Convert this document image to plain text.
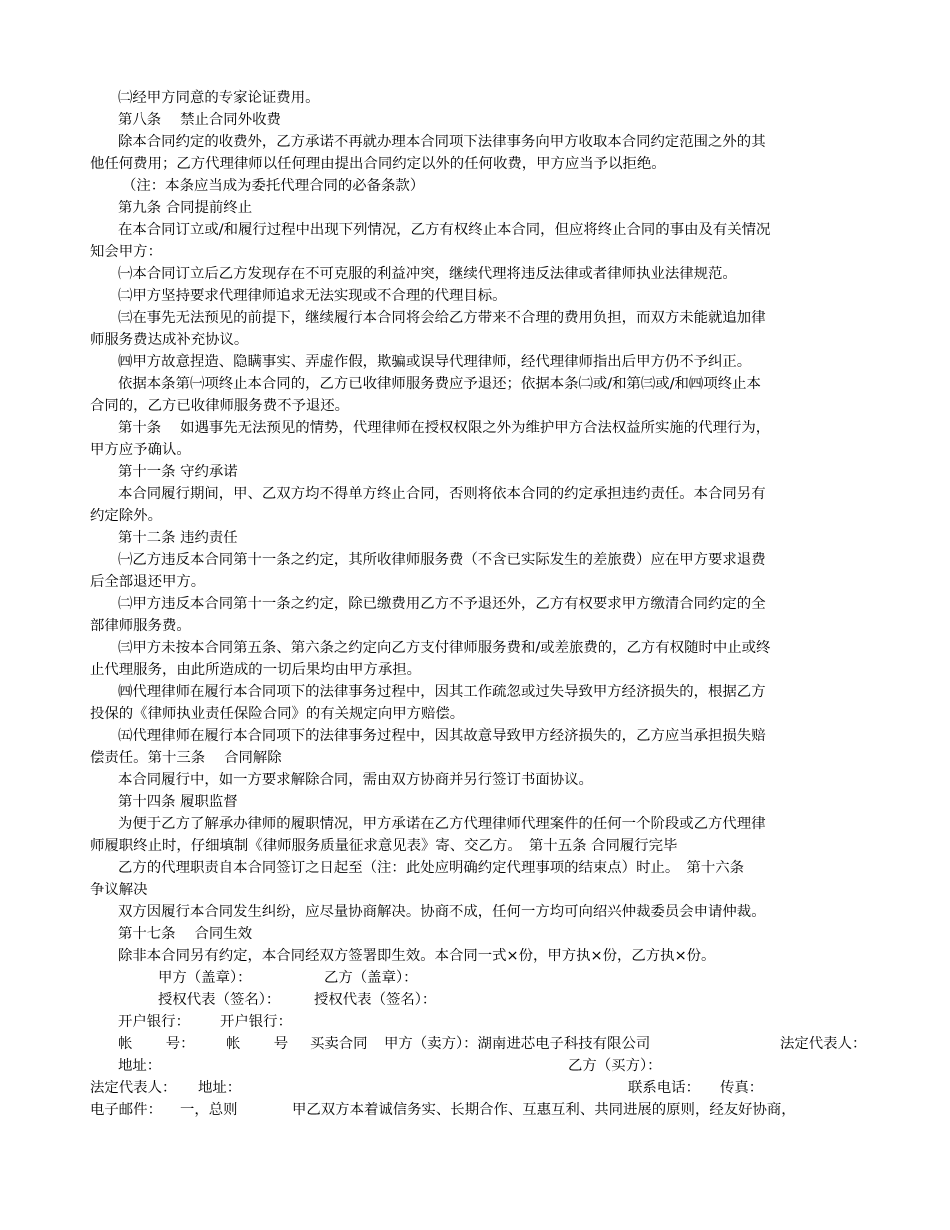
㈡经甲方同意的专家论证费用。
第八条　 禁止合同外收费
除本合同约定的收费外，乙方承诺不再就办理本合同项下法律事务向甲方收取本合同约定范围之外的其
他任何费用；乙方代理律师以任何理由提出合同约定以外的任何收费，甲方应当予以拒绝。
（注：本条应当成为委托代理合同的必备条款）
第九条 合同提前终止
在本合同订立或/和履行过程中出现下列情况，乙方有权终止本合同，但应将终止合同的事由及有关情况
知会甲方：
㈠本合同订立后乙方发现存在不可克服的利益冲突，继续代理将违反法律或者律师执业法律规范。
㈡甲方坚持要求代理律师追求无法实现或不合理的代理目标。
㈢在事先无法预见的前提下，继续履行本合同将会给乙方带来不合理的费用负担，而双方未能就追加律
师服务费达成补充协议。
㈣甲方故意捏造、隐瞒事实、弄虚作假，欺骗或误导代理律师，经代理律师指出后甲方仍不予纠正。
依据本条第㈠项终止本合同的，乙方已收律师服务费应予退还；依据本条㈡或/和第㈢或/和㈣项终止本
合同的，乙方已收律师服务费不予退还。
第十条　 如遇事先无法预见的情势，代理律师在授权权限之外为维护甲方合法权益所实施的代理行为，
甲方应予确认。
第十一条 守约承诺
本合同履行期间，甲、乙双方均不得单方终止合同，否则将依本合同的约定承担违约责任。本合同另有
约定除外。
第十二条 违约责任
㈠乙方违反本合同第十一条之约定，其所收律师服务费（不含已实际发生的差旅费）应在甲方要求退费
后全部退还甲方。
㈡甲方违反本合同第十一条之约定，除已缴费用乙方不予退还外，乙方有权要求甲方缴清合同约定的全
部律师服务费。
㈢甲方未按本合同第五条、第六条之约定向乙方支付律师服务费和/或差旅费的，乙方有权随时中止或终
止代理服务，由此所造成的一切后果均由甲方承担。
㈣代理律师在履行本合同项下的法律事务过程中，因其工作疏忽或过失导致甲方经济损失的，根据乙方
投保的《律师执业责任保险合同》的有关规定向甲方赔偿。
㈤代理律师在履行本合同项下的法律事务过程中，因其故意导致甲方经济损失的，乙方应当承担损失赔
偿责任。第十三条　 合同解除
本合同履行中，如一方要求解除合同，需由双方协商并另行签订书面协议。
第十四条 履职监督
为便于乙方了解承办律师的履职情况，甲方承诺在乙方代理律师代理案件的任何一个阶段或乙方代理律
师履职终止时，仔细填制《律师服务质量征求意见表》寄、交乙方。　第十五条 合同履行完毕
乙方的代理职责自本合同签订之日起至（注：此处应明确约定代理事项的结束点）时止。　第十六条
争议解决
双方因履行本合同发生纠纷，应尽量协商解决。协商不成，任何一方均可向绍兴仲裁委员会申请仲裁。
第十七条　 合同生效
除非本合同另有约定，本合同经双方签署即生效。本合同一式×份，甲方执×份，乙方执×份。
甲方（盖章）：	乙方（盖章）：
授权代表（签名）： 授权代表（签名）：
开户银行： 开户银行：
帐　　 号： 帐　　 号 买卖合同 甲方（卖方）：湖南进芯电子科技有限公司	法定代表人：
地址：	乙方（买方）：
法定代表人： 地址：	联系电话： 传真：
电子邮件： 一，总则	甲乙双方本着诚信务实、长期合作、互惠互利、共同进展的原则，经友好协商，
